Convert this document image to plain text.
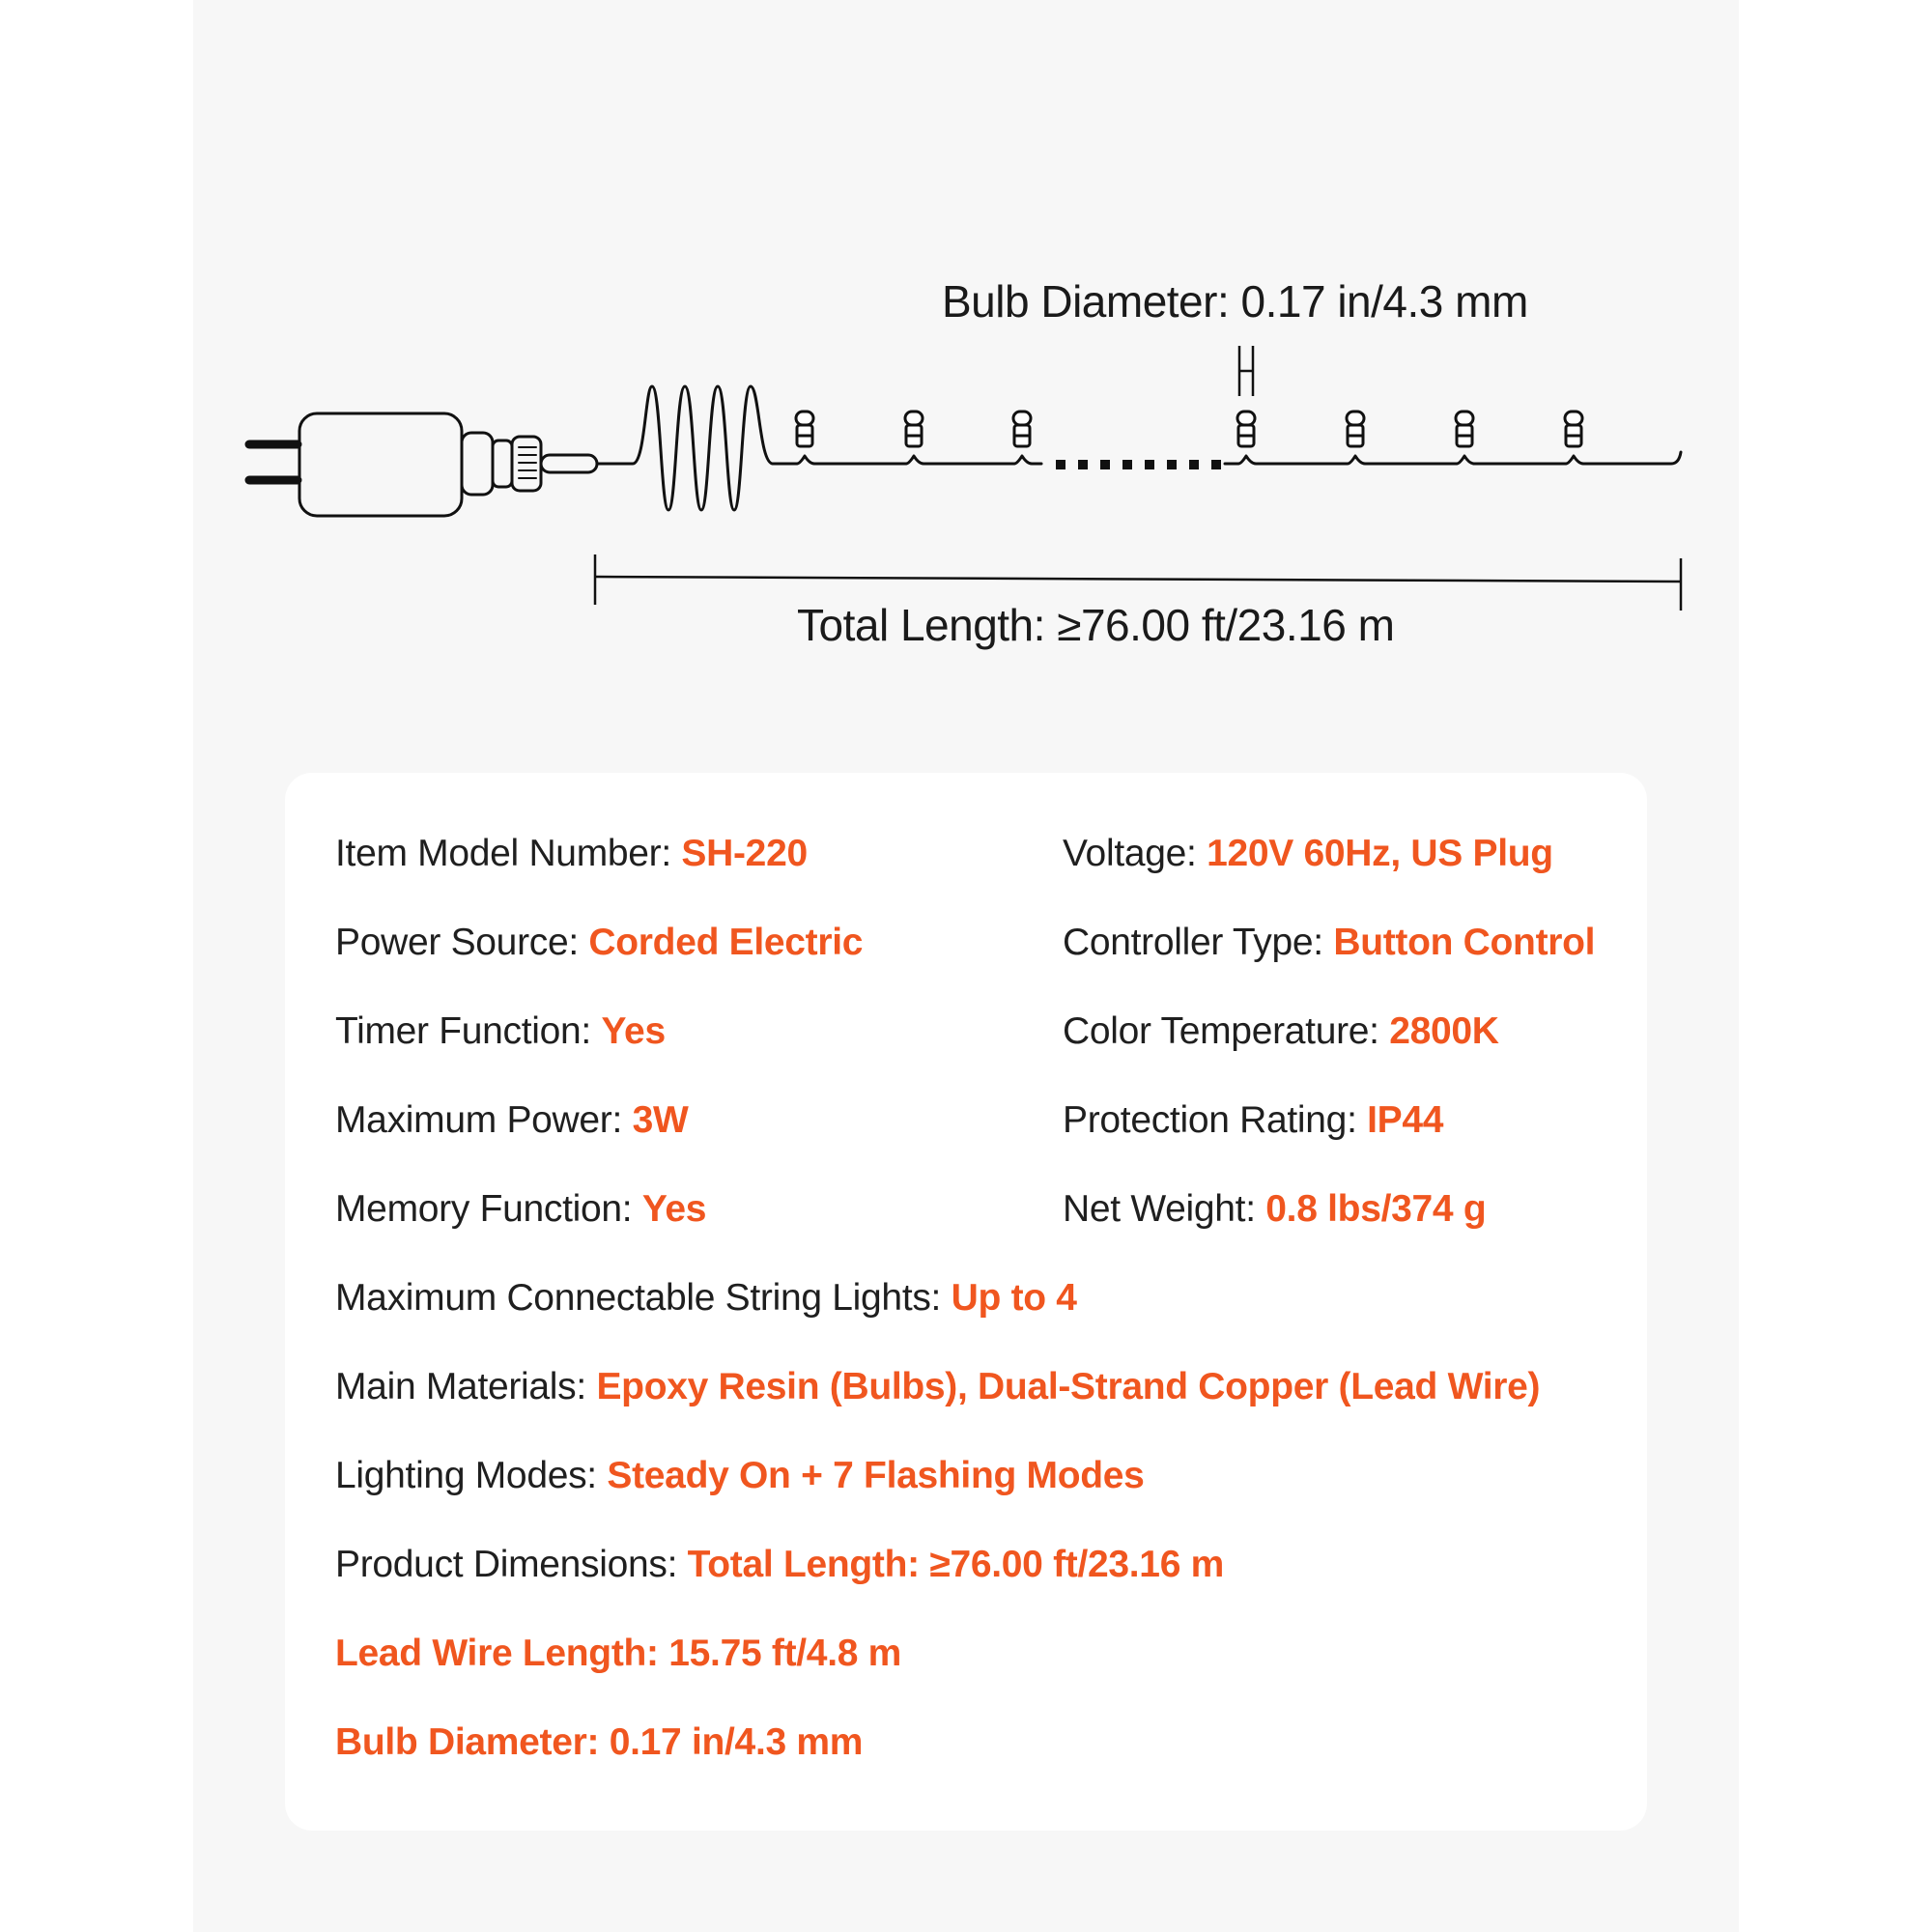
Bulb Diameter: 0.17 in/4.3 mm
Total Length: ≥76.00 ft/23.16 m
Item Model Number: SH-220	Voltage: 120V 60Hz, US Plug
Power Source: Corded Electric	Controller Type: Button Control
Timer Function: Yes	Color Temperature: 2800K
Maximum Power: 3W	Protection Rating: IP44
Memory Function: Yes	Net Weight: 0.8 lbs/374 g
Maximum Connectable String Lights: Up to 4
Main Materials: Epoxy Resin (Bulbs), Dual-Strand Copper (Lead Wire)
Lighting Modes: Steady On + 7 Flashing Modes
Product Dimensions: Total Length: ≥76.00 ft/23.16 m
Lead Wire Length: 15.75 ft/4.8 m
Bulb Diameter: 0.17 in/4.3 mm
